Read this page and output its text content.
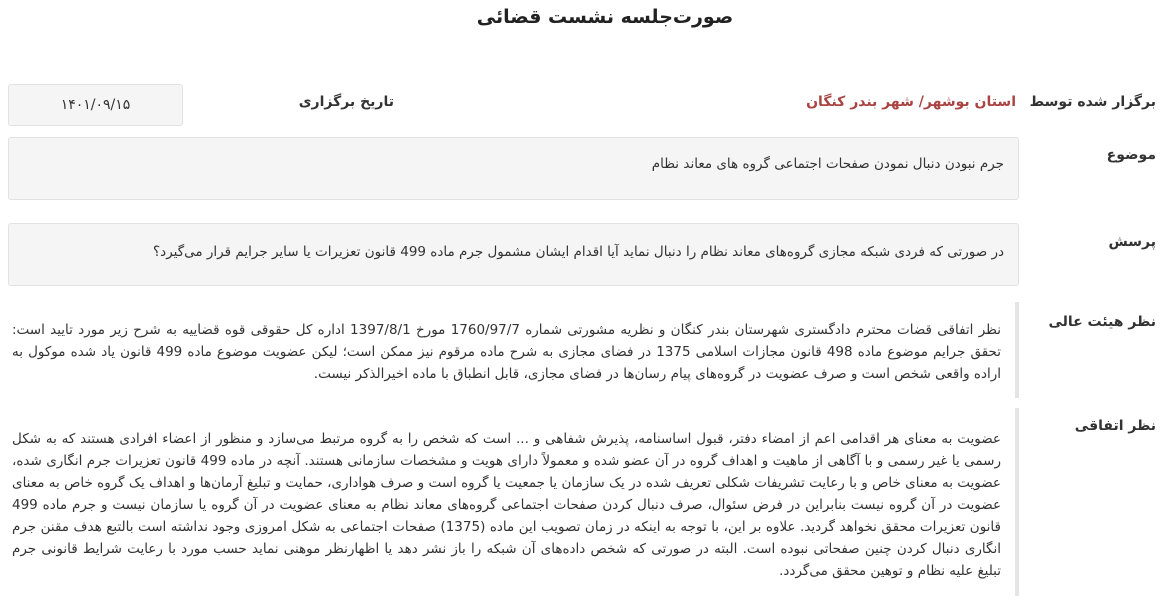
صورت‌جلسه نشست قضائی
برگزار شده توسط
استان بوشهر/ شهر بندر کنگان
تاریخ برگزاری
۱۴۰۱/۰۹/۱۵
موضوع
جرم نبودن دنبال نمودن صفحات اجتماعی گروه های معاند نظام
پرسش
در صورتی که فردی شبکه مجازی گروه‌های معاند نظام را دنبال نماید آیا اقدام ایشان مشمول جرم ماده 499 قانون تعزیرات یا سایر جرایم قرار می‌گیرد؟
نظر هیئت عالی
نظر اتفاقی قضات محترم دادگستری شهرستان بندر کنگان و نظریه مشورتی شماره 1760/97/7 مورخ 1397/8/1 اداره کل حقوقی قوه قضاییه به شرح زیر مورد تایید است: تحقق جرایم موضوع ماده 498 قانون مجازات اسلامی 1375 در فضای مجازی به شرح ماده مرقوم نیز ممکن است؛ لیکن عضویت موضوع ماده 499 قانون یاد شده موکول به اراده واقعی شخص است و صرف عضویت در گروه‌های پیام رسان‌ها در فضای مجازی، قابل انطباق با ماده اخیرالذکر نیست.
نظر اتفاقی
عضویت به معنای هر اقدامی اعم از امضاء دفتر، قبول اساسنامه، پذیرش شفاهی و ... است که شخص را به گروه مرتبط می‌سازد و منظور از اعضاء افرادی هستند که به شکل رسمی یا غیر رسمی و با آگاهی از ماهیت و اهداف گروه در آن عضو شده و معمولاً دارای هویت و مشخصات سازمانی هستند. آنچه در ماده 499 قانون تعزیرات جرم انگاری شده، عضویت به معنای خاص و با رعایت تشریفات شکلی تعریف شده در یک سازمان یا جمعیت یا گروه است و صرف هواداری، حمایت و تبلیغ آرمان‌ها و اهداف یک گروه خاص به معنای عضویت در آن گروه نیست بنابراین در فرض سئوال، صرف دنبال کردن صفحات اجتماعی گروه‌های معاند نظام به معنای عضویت در آن گروه یا سازمان نیست و جرم ماده 499 قانون تعزیرات محقق نخواهد گردید. علاوه بر این، با توجه به اینکه در زمان تصویب این ماده (1375) صفحات اجتماعی به شکل امروزی وجود نداشته است بالتبع هدف مقنن جرم انگاری دنبال کردن چنین صفحاتی نبوده است. البته در صورتی که شخص داده‌های آن شبکه را باز نشر دهد یا اظهارنظر موهنی نماید حسب مورد با رعایت شرایط قانونی جرم تبلیغ علیه نظام و توهین محقق می‌گردد.
